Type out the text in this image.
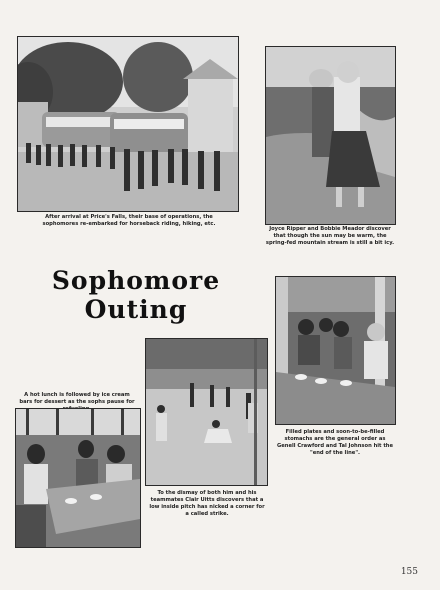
After arrival at Price's Falls, their base of operations, the sophomores re-embarked for horseback riding, hiking, etc.
Joyce Ripper and Bobbie Meador discover that though the sun may be warm, the spring-fed mountain stream is still a bit icy.
Sophomore
Outing
Filled plates and soon-to-be-filled stomachs are the general order as Genell Crawford and Tal Johnson hit the "end of the line".
To the dismay of both him and his teammates Clair Uitts discovers that a low inside pitch has nicked a corner for a called strike.
A hot lunch is followed by ice cream bars for dessert as the sophs pause for
155
